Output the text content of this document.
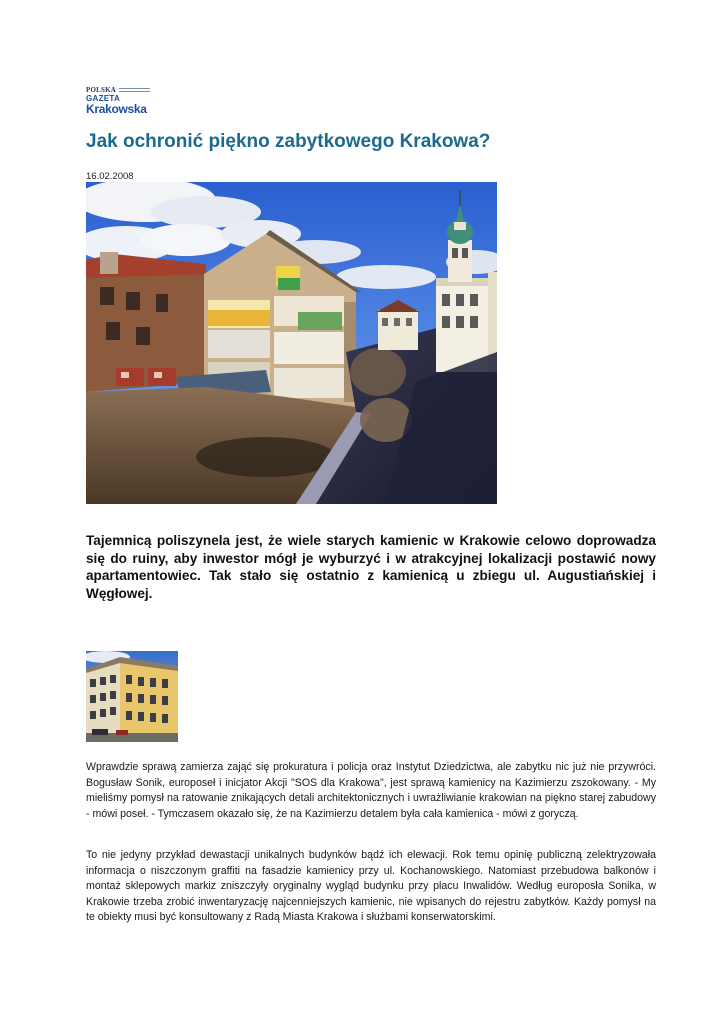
POLSKA
GAZETA
Krakowska
Jak ochronić piękno zabytkowego Krakowa?
16.02.2008

Tajemnicą poliszynela jest, że wiele starych kamienic w Krakowie celowo doprowadza się do ruiny, aby inwestor mógł je wyburzyć i w atrakcyjnej lokalizacji postawić nowy apartamentowiec. Tak stało się ostatnio z kamienicą u zbiegu ul. Augustiańskiej i Węgłowej.

Wprawdzie sprawą zamierza zająć się prokuratura i policja oraz Instytut Dziedzictwa, ale zabytku nic już nie przywróci. Bogusław Sonik, europoseł i inicjator Akcji "SOS dla Krakowa", jest sprawą kamienicy na Kazimierzu zszokowany. - My mieliśmy pomysł na ratowanie znikających detali architektonicznych i uwrażliwianie krakowian na piękno starej zabudowy - mówi poseł. - Tymczasem okazało się, że na Kazimierzu detalem była cała kamienica - mówi z goryczą.

To nie jedyny przykład dewastacji unikalnych budynków bądź ich elewacji. Rok temu opinię publiczną zelektryzowała informacja o niszczonym graffiti na fasadzie kamienicy przy ul. Kochanowskiego. Natomiast przebudowa balkonów i montaż sklepowych markiz zniszczyły oryginalny wygląd budynku przy placu Inwalidów. Według europosła Sonika, w Krakowie trzeba zrobić inwentaryzację najcenniejszych kamienic, nie wpisanych do rejestru zabytków. Każdy pomysł na te obiekty musi być konsultowany z Radą Miasta Krakowa i służbami konserwatorskimi.
